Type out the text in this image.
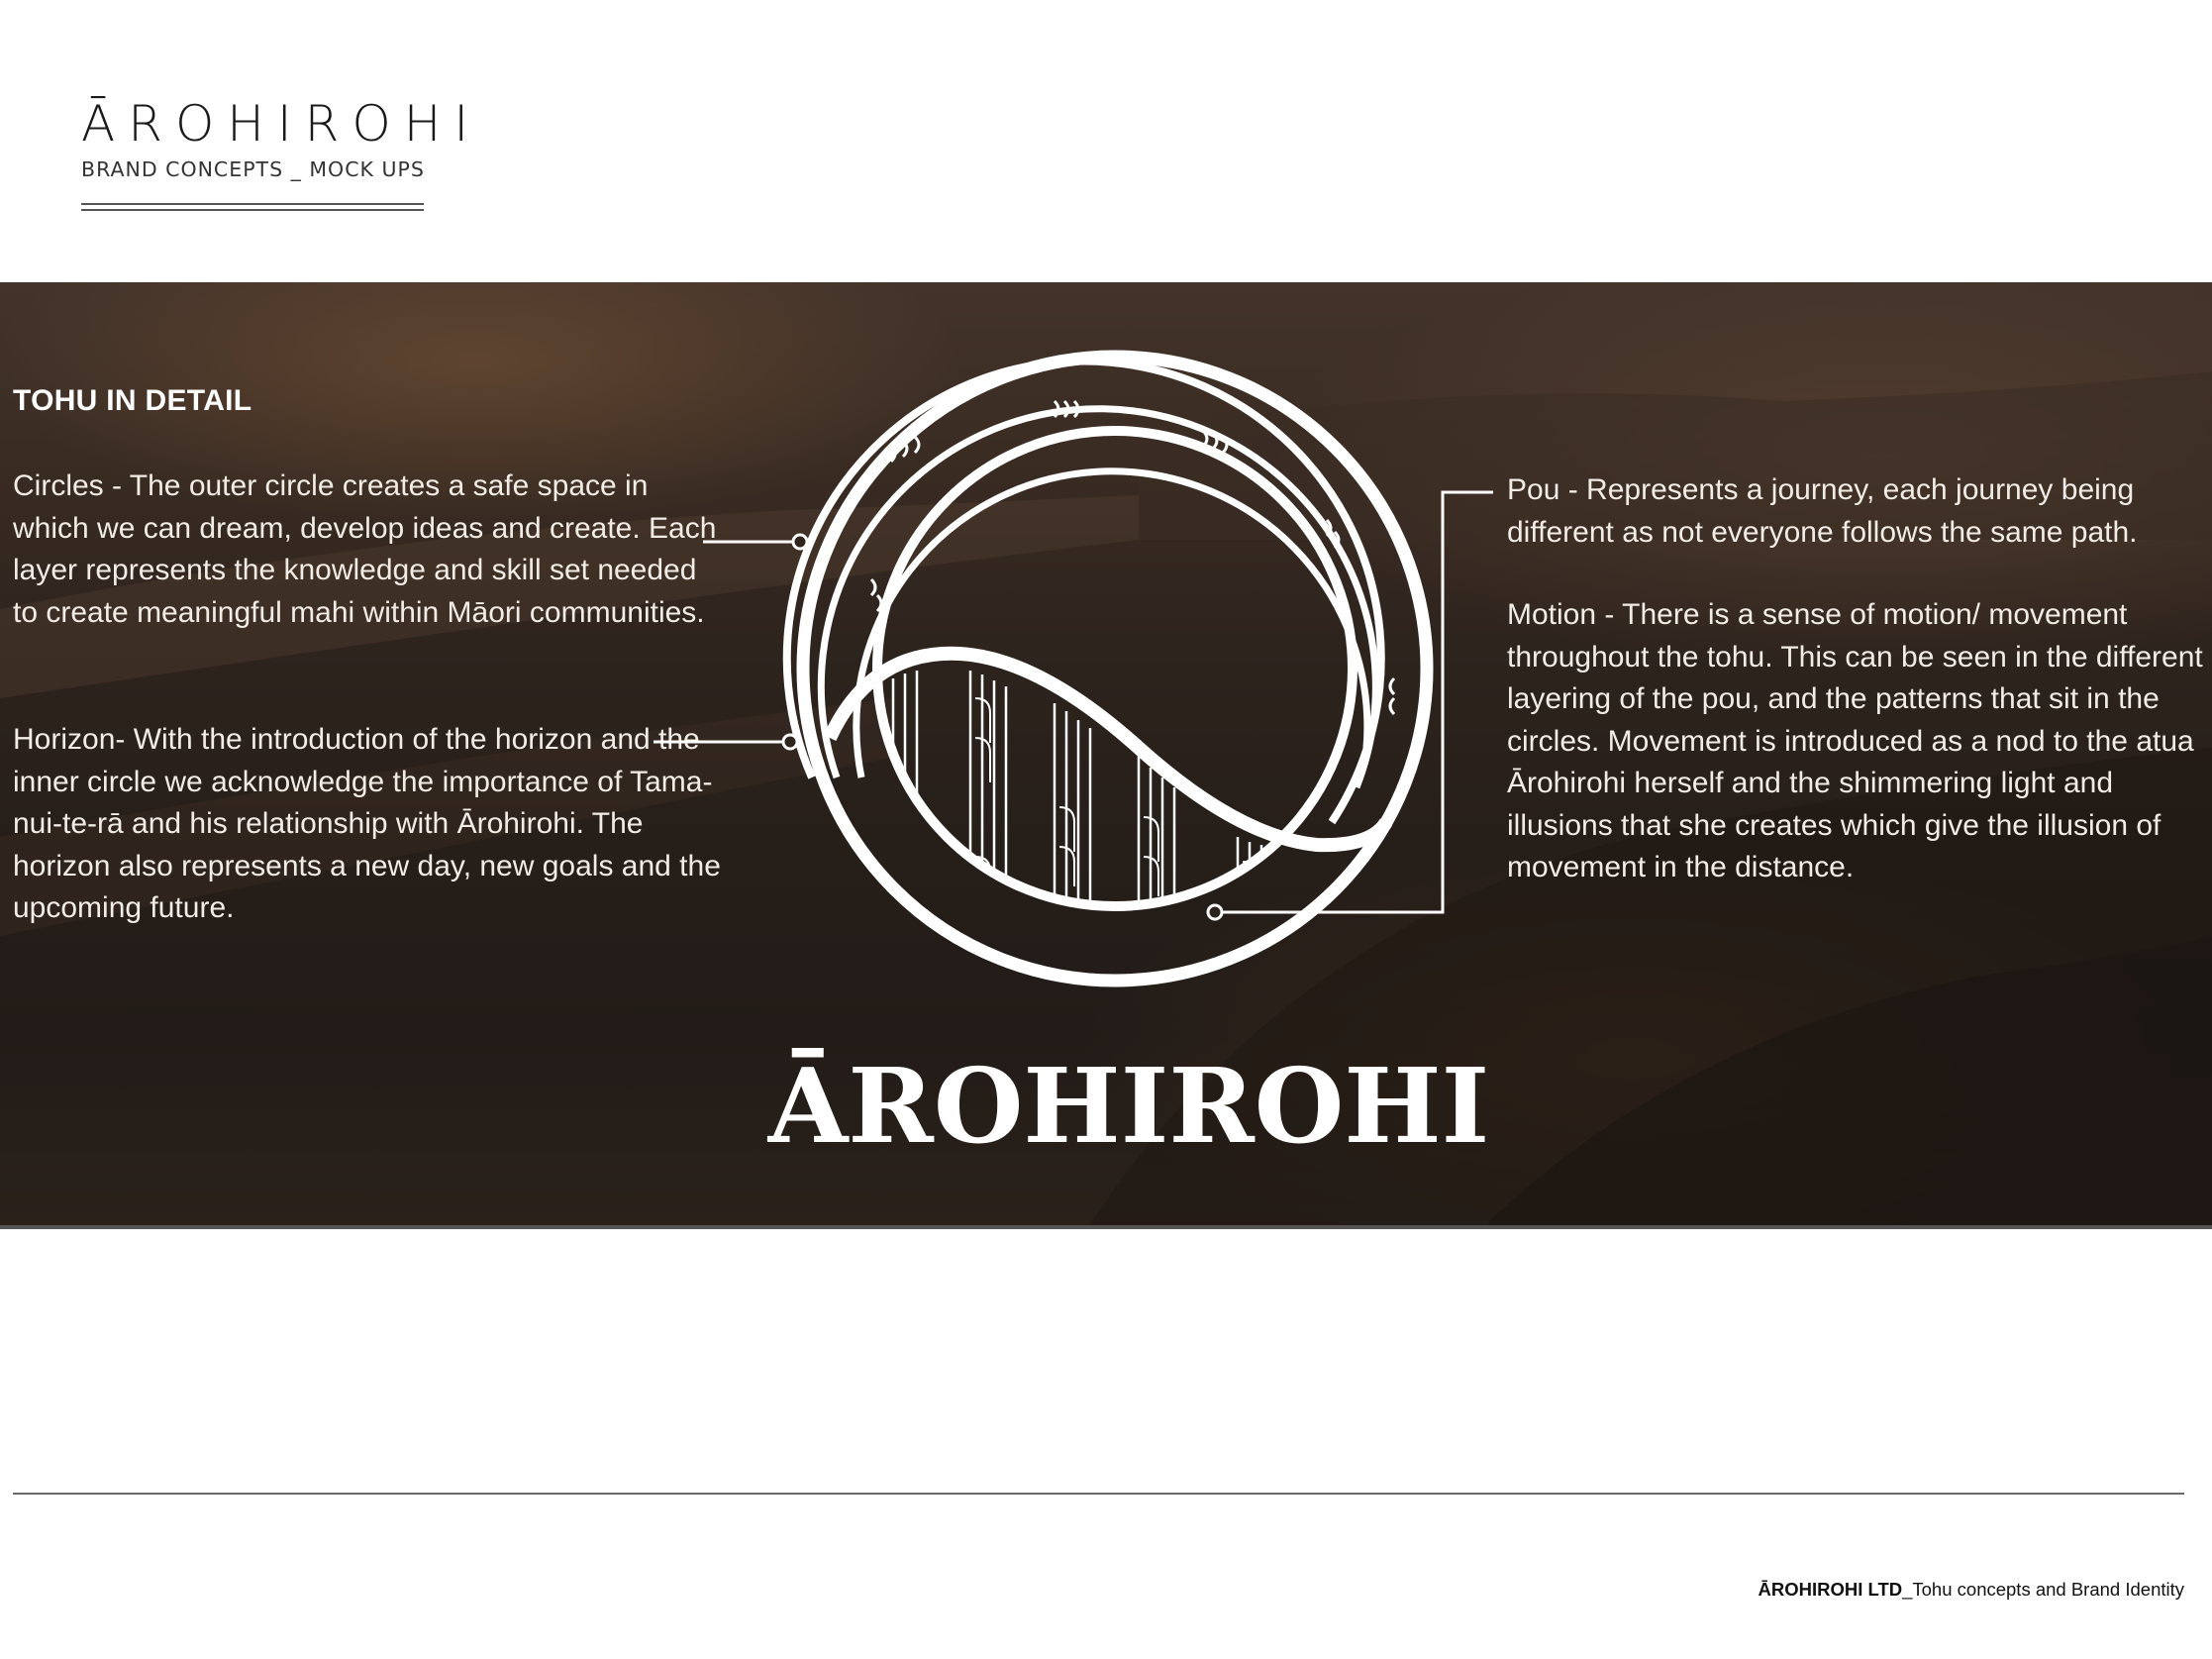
ĀROHIROHI
BRAND CONCEPTS _ MOCK UPS
TOHU IN DETAIL

Circles - The outer circle creates a safe space in which we can dream, develop ideas and create. Each layer represents the knowledge and skill set needed to create meaningful mahi within Māori communities.

Horizon- With the introduction of the horizon and the inner circle we acknowledge the importance of Tama-nui-te-rā and his relationship with Ārohirohi. The horizon also represents a new day, new goals and the upcoming future.

Pou - Represents a journey, each journey being different as not everyone follows the same path.

Motion - There is a sense of motion/ movement throughout the tohu. This can be seen in the different layering of the pou, and the patterns that sit in the circles. Movement is introduced as a nod to the atua Ārohirohi herself and the shimmering light and illusions that she creates which give the illusion of movement in the distance.

ĀROHIROHI
ĀROHIROHI LTD_Tohu concepts and Brand Identity
